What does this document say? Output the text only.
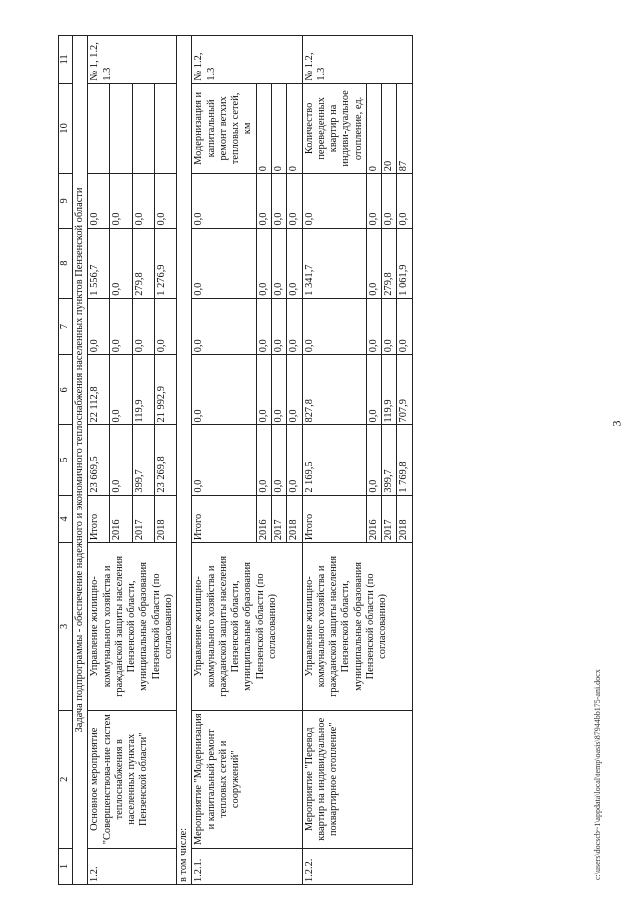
3
c:\users\docscb~1\appdata\local\temp\oasis\87944bb175-ani.docx
1	2	3	4	5	6	7	8	9	10	11
Задача подпрограммы - обеспечение надежного и экономичного теплоснабжения населенных пунктов Пензенской области										
1.2.	Основное мероприятие "Совершенствова-ние систем теплоснабжения в населенных пунктах Пензенской области"	Управление жилищно-коммунального хозяйства и гражданской защиты населения Пензенской области, муниципальные образования Пензенской области (по согласованию)	Итого	23 669,5	22 112,8	0,0	1 556,7	0,0		№ 1, 1.2, 1.3
			2016	0,0	0,0	0,0	0,0	0,0		
			2017	399,7	119,9	0,0	279,8	0,0		
			2018	23 269,8	21 992,9	0,0	1 276,9	0,0		
в том числе:										
1.2.1.	Мероприятие "Модернизация и капитальный ремонт тепловых сетей и сооружений"	Управление жилищно-коммунального хозяйства и гражданской защиты населения Пензенской области, муниципальные образования Пензенской области (по согласованию)	Итого	0,0	0,0	0,0	0,0	0,0	Модернизация и капитальный ремонт ветхих тепловых сетей, км	№ 1.2, 1.3
			2016	0,0	0,0	0,0	0,0	0,0	0	
			2017	0,0	0,0	0,0	0,0	0,0	0	
			2018	0,0	0,0	0,0	0,0	0,0	0	
1.2.2.	Мероприятие "Перевод квартир на индивидуальное поквартирное отопление"	Управление жилищно-коммунального хозяйства и гражданской защиты населения Пензенской области, муниципальные образования Пензенской области (по согласованию)	Итого	2 169,5	827,8	0,0	1 341,7	0,0	Количество переведенных квартир на индиви-дуальное отопление, ед.	№ 1.2, 1.3
			2016	0,0	0,0	0,0	0,0	0,0	0	
			2017	399,7	119,9	0,0	279,8	0,0	20	
			2018	1 769,8	707,9	0,0	1 061,9	0,0	87	
